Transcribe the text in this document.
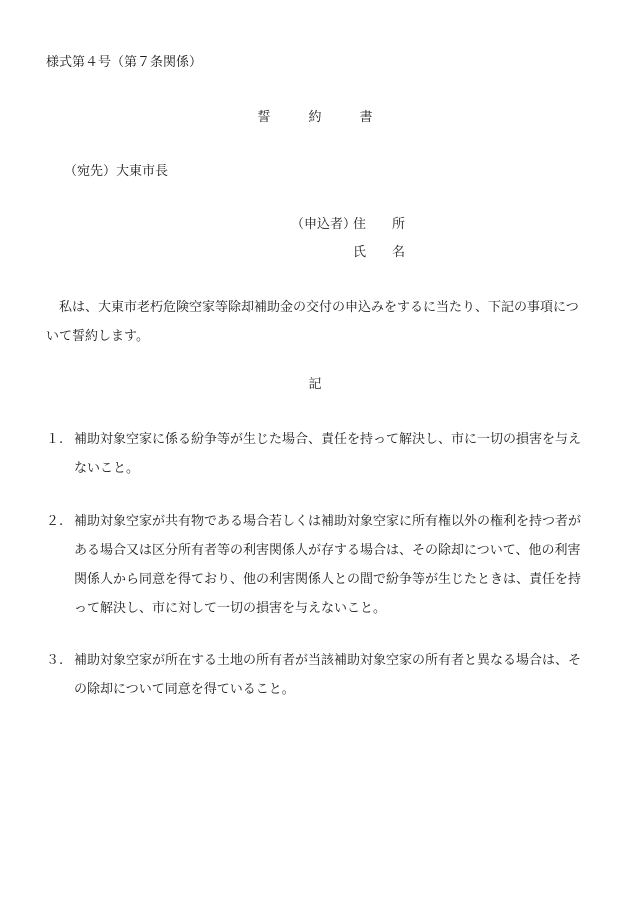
様式第４号（第７条関係）
誓約書
（宛先）大東市長
（申込者）
住所
氏名
私は、大東市老朽危険空家等除却補助金の交付の申込みをするに当たり、下記の事項について誓約します。
記
１. 補助対象空家に係る紛争等が生じた場合、責任を持って解決し、市に一切の損害を与えないこと。
２. 補助対象空家が共有物である場合若しくは補助対象空家に所有権以外の権利を持つ者がある場合又は区分所有者等の利害関係人が存する場合は、その除却について、他の利害関係人から同意を得ており、他の利害関係人との間で紛争等が生じたときは、責任を持って解決し、市に対して一切の損害を与えないこと。
３. 補助対象空家が所在する土地の所有者が当該補助対象空家の所有者と異なる場合は、その除却について同意を得ていること。
